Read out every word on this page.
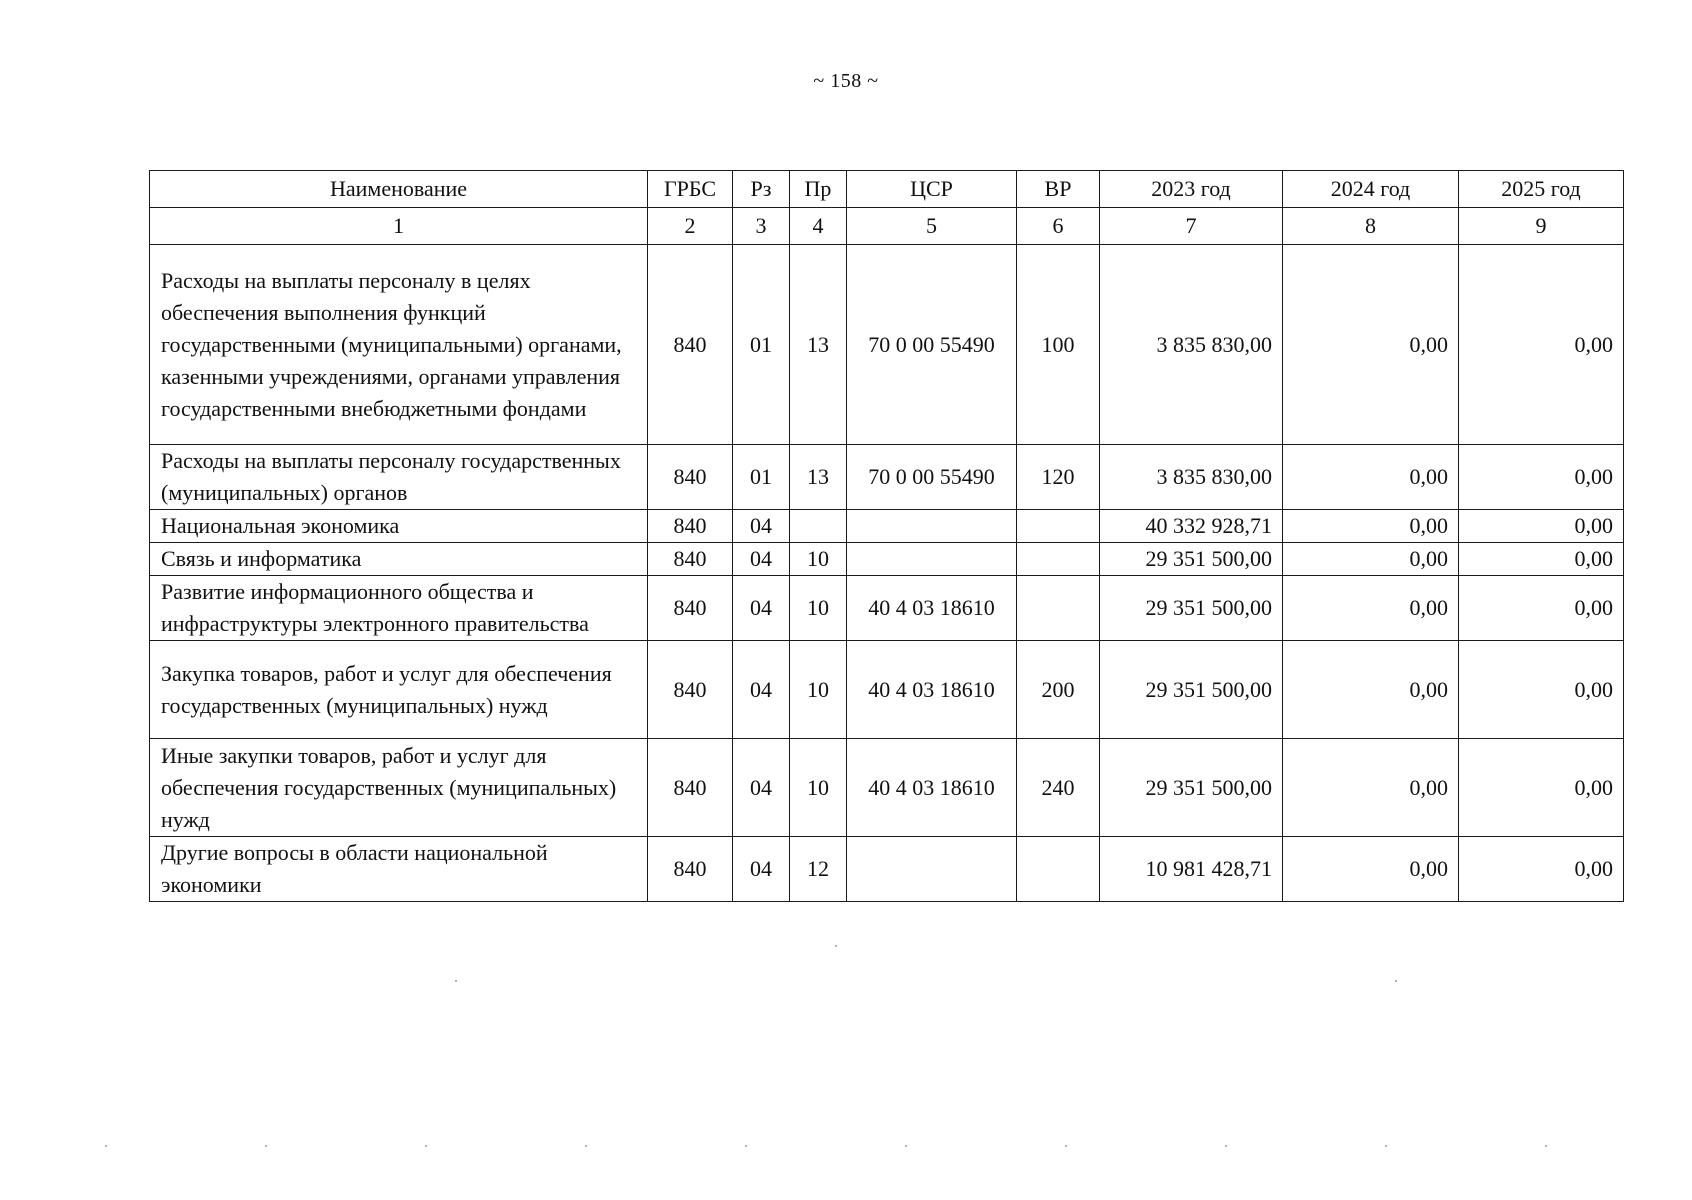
~ 158 ~
Наименование	ГРБС	Рз	Пр	ЦСР	ВР	2023 год	2024 год	2025 год
1	2	3	4	5	6	7	8	9
Расходы на выплаты персоналу в целях обеспечения выполнения функций государственными (муниципальными) органами, казенными учреждениями, органами управления государственными внебюджетными фондами	840	01	13	70 0 00 55490	100	3 835 830,00	0,00	0,00
Расходы на выплаты персоналу государственных (муниципальных) органов	840	01	13	70 0 00 55490	120	3 835 830,00	0,00	0,00
Национальная экономика	840	04				40 332 928,71	0,00	0,00
Связь и информатика	840	04	10			29 351 500,00	0,00	0,00
Развитие информационного общества и инфраструктуры электронного правительства	840	04	10	40 4 03 18610		29 351 500,00	0,00	0,00
Закупка товаров, работ и услуг для обеспечения государственных (муниципальных) нужд	840	04	10	40 4 03 18610	200	29 351 500,00	0,00	0,00
Иные закупки товаров, работ и услуг для обеспечения государственных (муниципальных) нужд	840	04	10	40 4 03 18610	240	29 351 500,00	0,00	0,00
Другие вопросы в области национальной экономики	840	04	12			10 981 428,71	0,00	0,00
